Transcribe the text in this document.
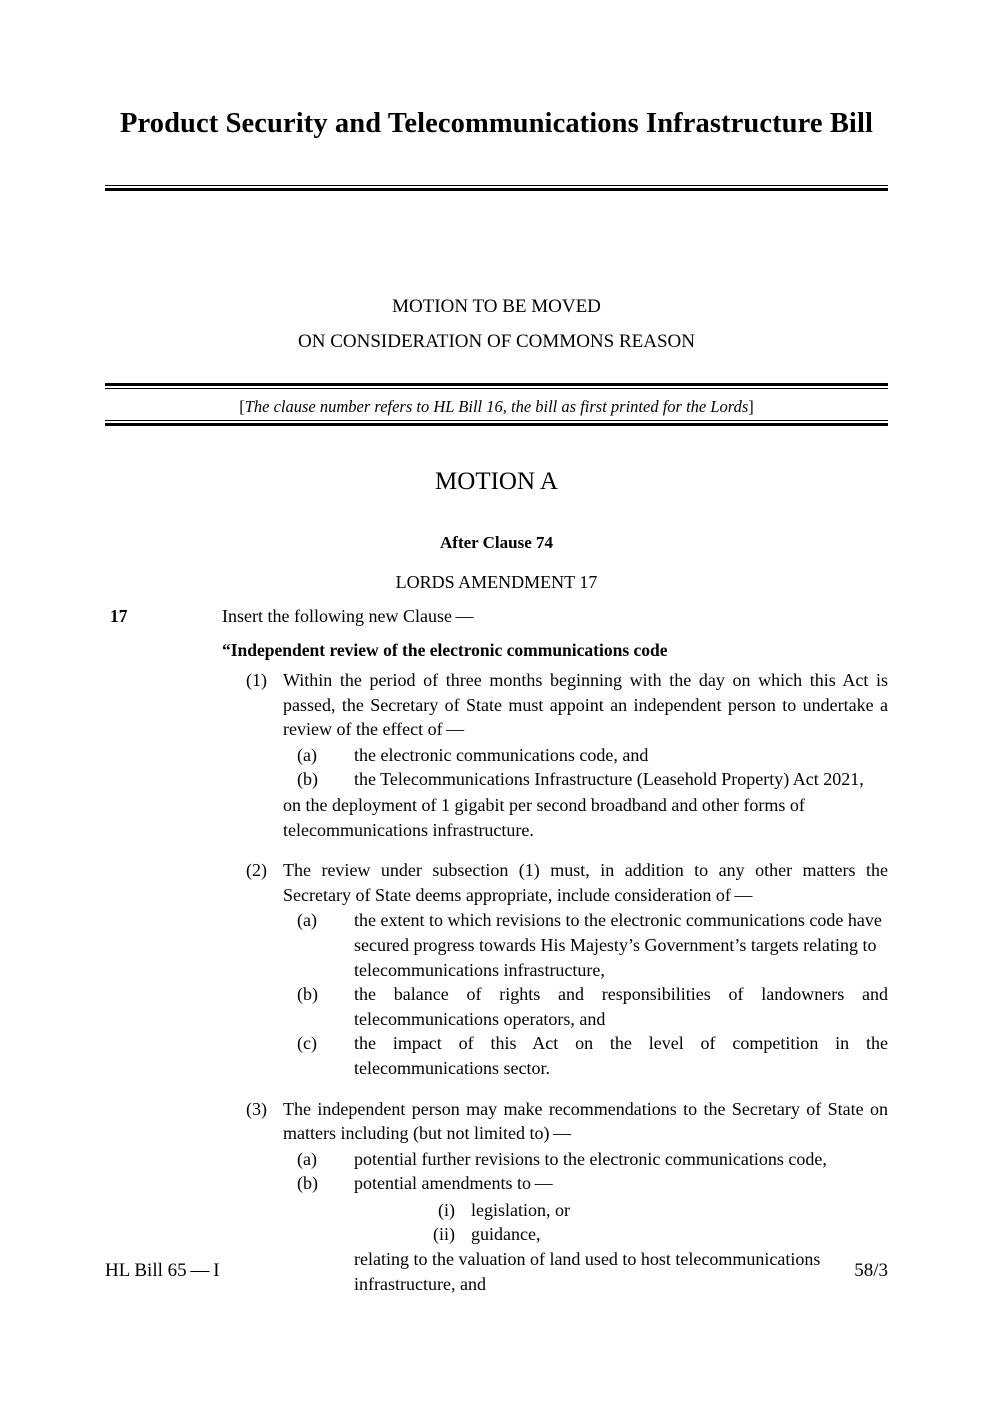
Product Security and Telecommunications Infrastructure Bill
MOTION TO BE MOVED
ON CONSIDERATION OF COMMONS REASON
[The clause number refers to HL Bill 16, the bill as first printed for the Lords]
MOTION A
After Clause 74
LORDS AMENDMENT 17
17	Insert the following new Clause —
“Independent review of the electronic communications code
(1) Within the period of three months beginning with the day on which this Act is passed, the Secretary of State must appoint an independent person to undertake a review of the effect of —
(a)	the electronic communications code, and
(b)	the Telecommunications Infrastructure (Leasehold Property) Act 2021,
on the deployment of 1 gigabit per second broadband and other forms of telecommunications infrastructure.
(2) The review under subsection (1) must, in addition to any other matters the Secretary of State deems appropriate, include consideration of —
(a)	the extent to which revisions to the electronic communications code have secured progress towards His Majesty’s Government’s targets relating to telecommunications infrastructure,
(b)	the balance of rights and responsibilities of landowners and telecommunications operators, and
(c)	the impact of this Act on the level of competition in the telecommunications sector.
(3) The independent person may make recommendations to the Secretary of State on matters including (but not limited to) —
(a)	potential further revisions to the electronic communications code,
(b)	potential amendments to —
(i) legislation, or
(ii) guidance,
relating to the valuation of land used to host telecommunications
infrastructure, and
HL Bill 65 — I	58/3
